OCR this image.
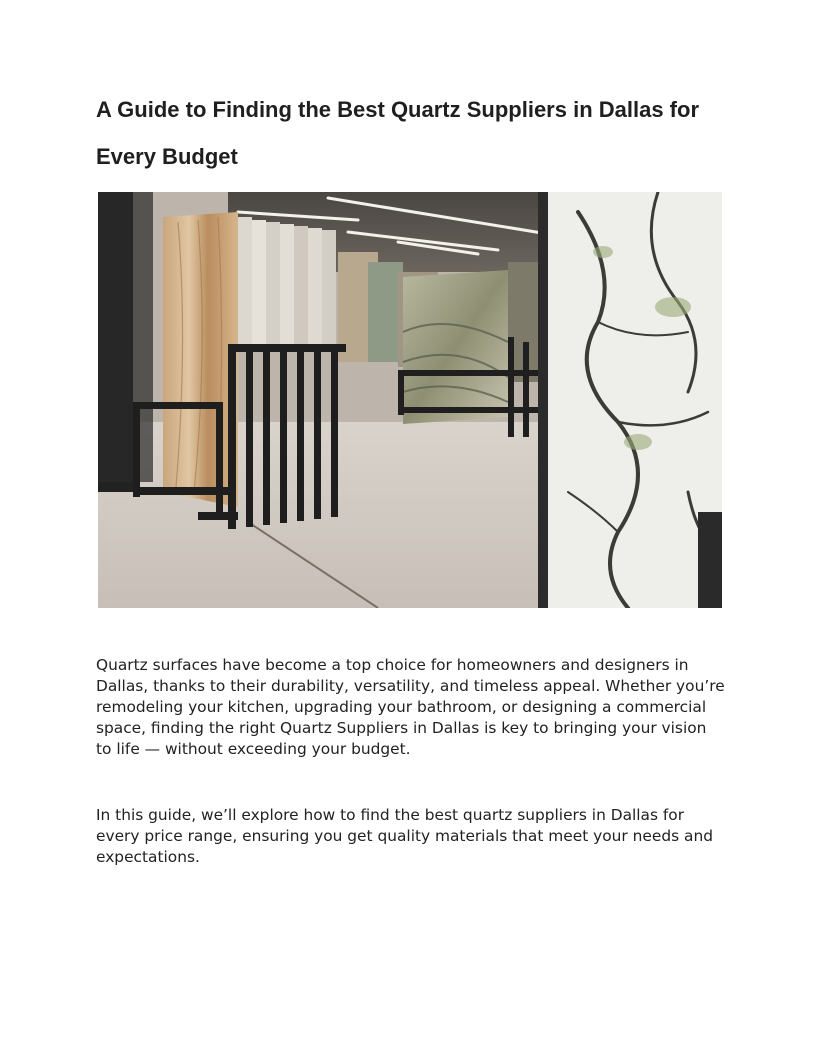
A Guide to Finding the Best Quartz Suppliers in Dallas for Every Budget

Quartz surfaces have become a top choice for homeowners and designers in Dallas, thanks to their durability, versatility, and timeless appeal. Whether you’re remodeling your kitchen, upgrading your bathroom, or designing a commercial space, finding the right Quartz Suppliers in Dallas is key to bringing your vision to life — without exceeding your budget.

In this guide, we’ll explore how to find the best quartz suppliers in Dallas for every price range, ensuring you get quality materials that meet your needs and expectations.
